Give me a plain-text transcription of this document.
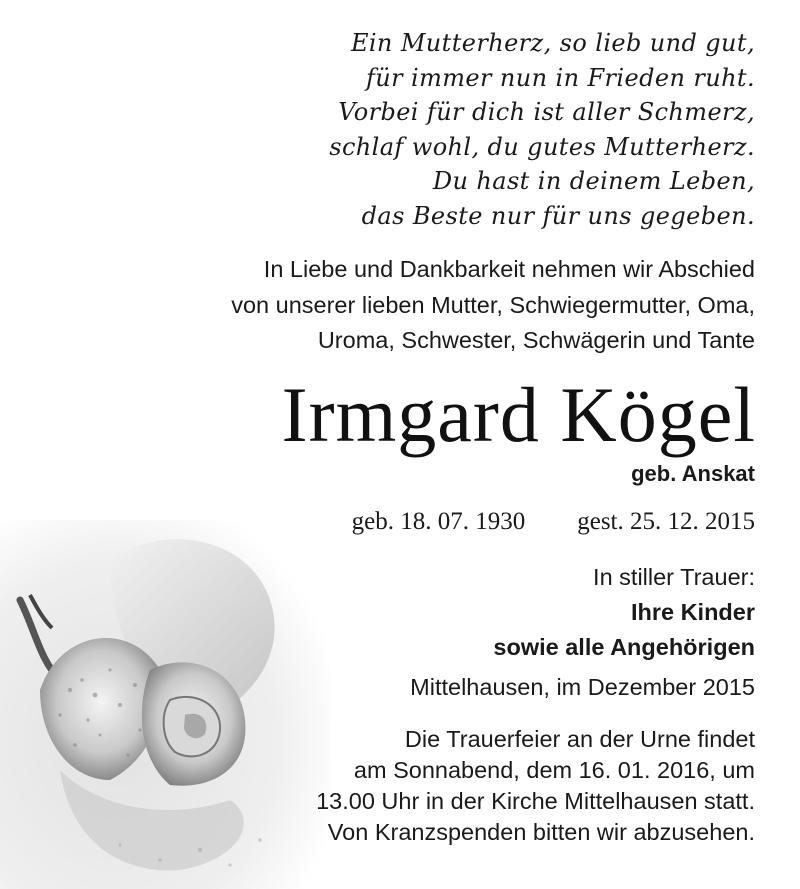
Ein Mutterherz, so lieb und gut,
für immer nun in Frieden ruht.
Vorbei für dich ist aller Schmerz,
schlaf wohl, du gutes Mutterherz.
Du hast in deinem Leben,
das Beste nur für uns gegeben.
In Liebe und Dankbarkeit nehmen wir Abschied
von unserer lieben Mutter, Schwiegermutter, Oma,
Uroma, Schwester, Schwägerin und Tante
Irmgard Kögel
geb. Anskat
geb. 18. 07. 1930 gest. 25. 12. 2015
In stiller Trauer:
Ihre Kinder
sowie alle Angehörigen
Mittelhausen, im Dezember 2015
Die Trauerfeier an der Urne findet
am Sonnabend, dem 16. 01. 2016, um
13.00 Uhr in der Kirche Mittelhausen statt.
Von Kranzspenden bitten wir abzusehen.
